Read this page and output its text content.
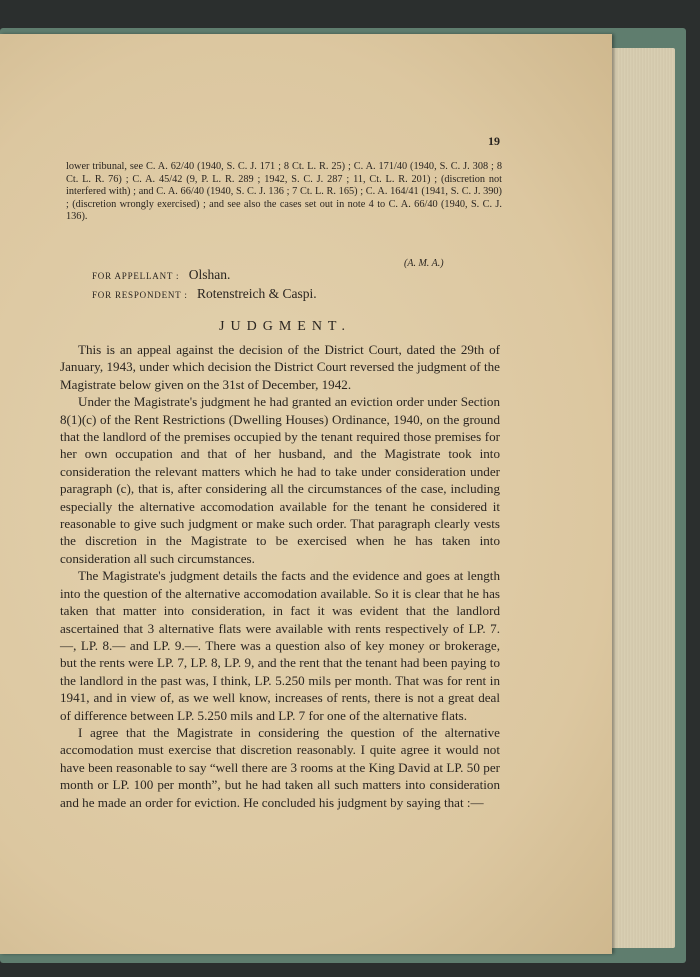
19

lower tribunal, see C. A. 62/40 (1940, S. C. J. 171 ; 8 Ct. L. R. 25) ; C. A. 171/40 (1940, S. C. J. 308 ; 8 Ct. L. R. 76) ; C. A. 45/42 (9, P. L. R. 289 ; 1942, S. C. J. 287 ; 11, Ct. L. R. 201) ; (discretion not interfered with) ; and C. A. 66/40 (1940, S. C. J. 136 ; 7 Ct. L. R. 165) ; C. A. 164/41 (1941, S. C. J. 390) ; (discretion wrongly exercised) ; and see also the cases set out in note 4 to C. A. 66/40 (1940, S. C. J. 136).

(A. M. A.)
FOR APPELLANT : Olshan.
FOR RESPONDENT : Rotenstreich & Caspi.
JUDGMENT.

This is an appeal against the decision of the District Court, dated the 29th of January, 1943, under which decision the District Court reversed the judgment of the Magistrate below given on the 31st of December, 1942.

Under the Magistrate's judgment he had granted an eviction order under Section 8(1)(c) of the Rent Restrictions (Dwelling Houses) Ordinance, 1940, on the ground that the landlord of the premises occupied by the tenant required those premises for her own occupation and that of her husband, and the Magistrate took into consideration the relevant matters which he had to take under consideration under paragraph (c), that is, after considering all the circumstances of the case, including especially the alternative accomodation available for the tenant he considered it reasonable to give such judgment or make such order. That paragraph clearly vests the discretion in the Magistrate to be exercised when he has taken into consideration all such circumstances.

The Magistrate's judgment details the facts and the evidence and goes at length into the question of the alternative accomodation available. So it is clear that he has taken that matter into consideration, in fact it was evident that the landlord ascertained that 3 alternative flats were available with rents respectively of LP. 7.—, LP. 8.— and LP. 9.—. There was a question also of key money or brokerage, but the rents were LP. 7, LP. 8, LP. 9, and the rent that the tenant had been paying to the landlord in the past was, I think, LP. 5.250 mils per month. That was for rent in 1941, and in view of, as we well know, increases of rents, there is not a great deal of difference between LP. 5.250 mils and LP. 7 for one of the alternative flats.

I agree that the Magistrate in considering the question of the alternative accomodation must exercise that discretion reasonably. I quite agree it would not have been reasonable to say “well there are 3 rooms at the King David at LP. 50 per month or LP. 100 per month”, but he had taken all such matters into consideration and he made an order for eviction. He concluded his judgment by saying that :—
